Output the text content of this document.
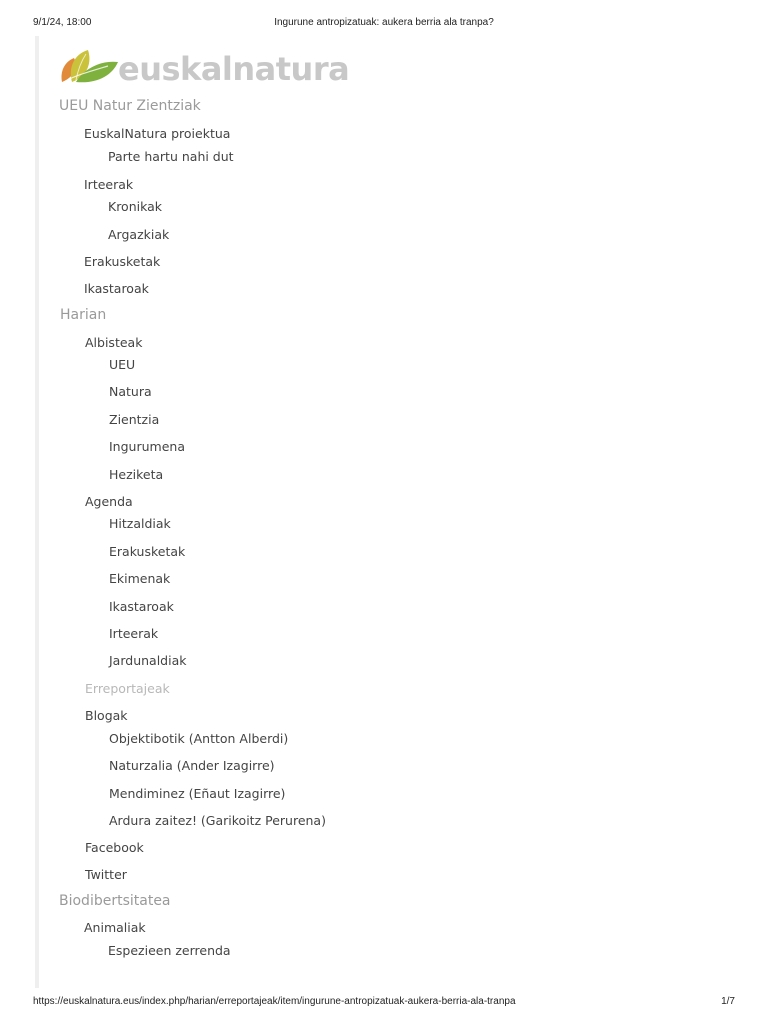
9/1/24, 18:00	Ingurune antropizatuak: aukera berria ala tranpa?
euskalnatura
UEU Natur Zientziak
EuskalNatura proiektua
Parte hartu nahi dut
Irteerak
Kronikak
Argazkiak
Erakusketak
Ikastaroak
Harian
Albisteak
UEU
Natura
Zientzia
Ingurumena
Heziketa
Agenda
Hitzaldiak
Erakusketak
Ekimenak
Ikastaroak
Irteerak
Jardunaldiak
Erreportajeak
Blogak
Objektibotik (Antton Alberdi)
Naturzalia (Ander Izagirre)
Mendiminez (Eñaut Izagirre)
Ardura zaitez! (Garikoitz Perurena)
Facebook
Twitter
Biodibertsitatea
Animaliak
Espezieen zerrenda
https://euskalnatura.eus/index.php/harian/erreportajeak/item/ingurune-antropizatuak-aukera-berria-ala-tranpa	1/7
